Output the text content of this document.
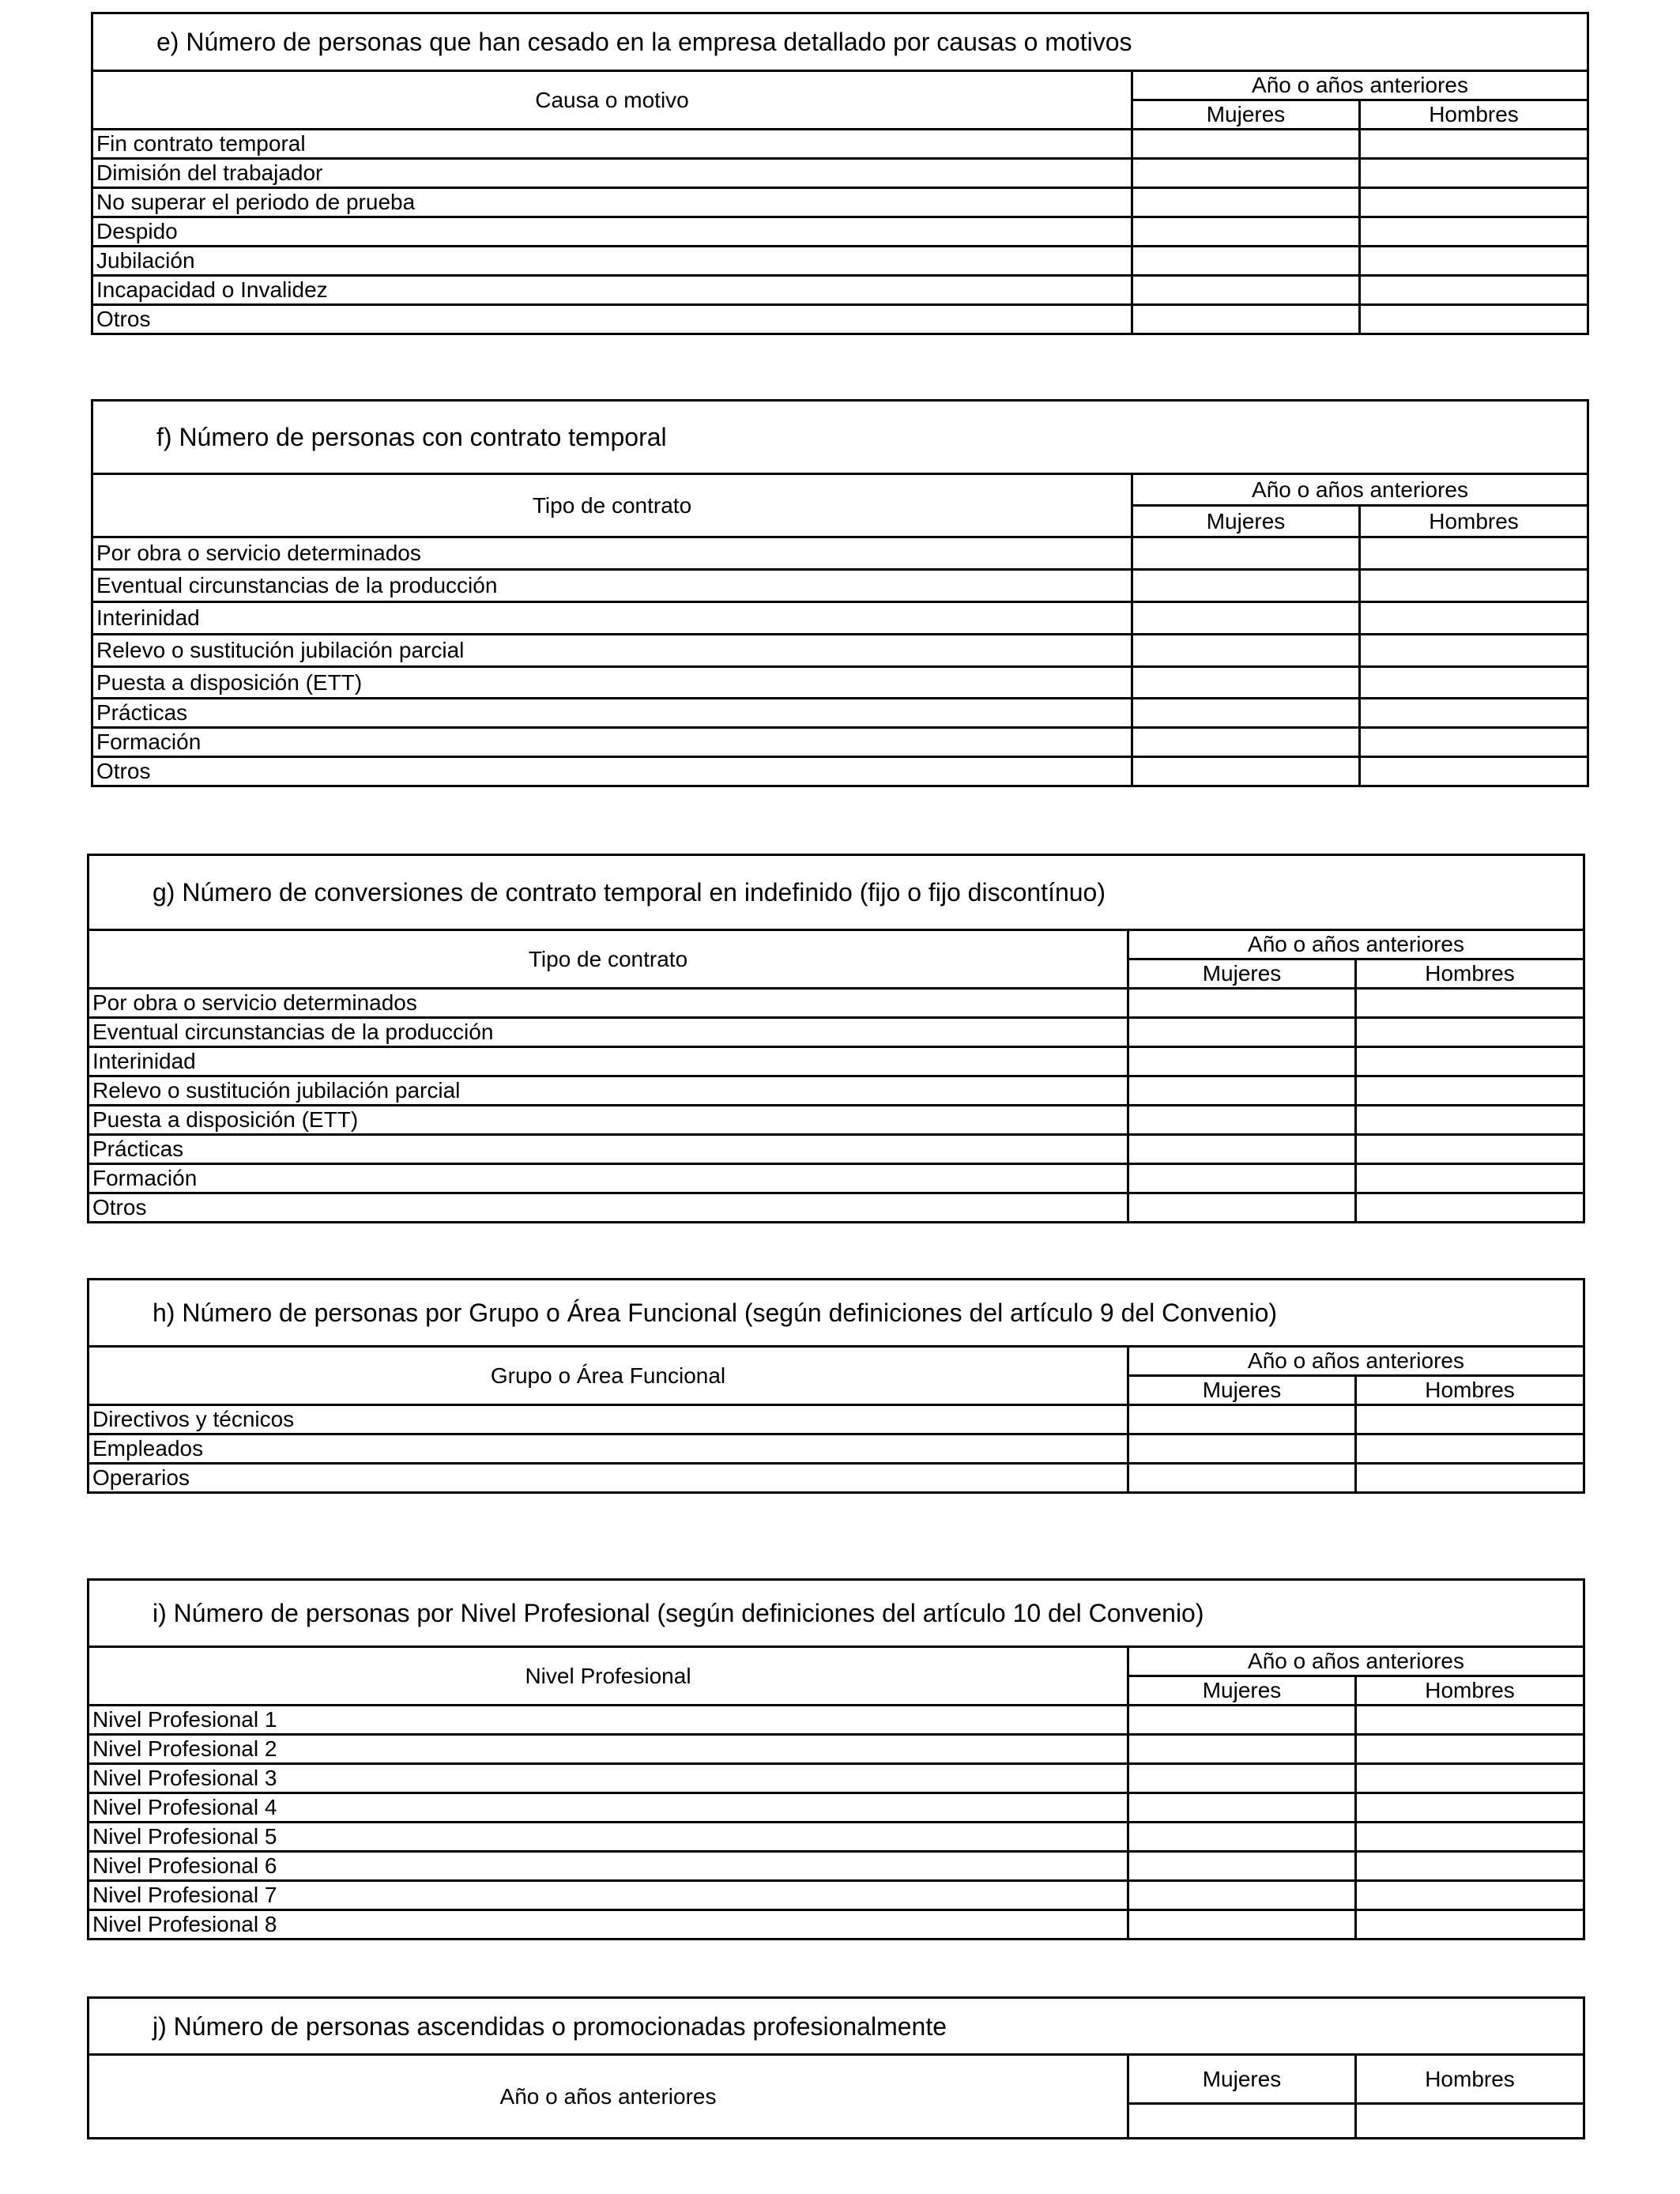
e) Número de personas que han cesado en la empresa detallado por causas o motivos		
Causa o motivo	Año o años anteriores	
	Mujeres	Hombres
Fin contrato temporal		
Dimisión del trabajador		
No superar el periodo de prueba		
Despido		
Jubilación		
Incapacidad o Invalidez		
Otros		
f) Número de personas con contrato temporal		
Tipo de contrato	Año o años anteriores	
	Mujeres	Hombres
Por obra o servicio determinados		
Eventual circunstancias de la producción		
Interinidad		
Relevo o sustitución jubilación parcial		
Puesta a disposición (ETT)		
Prácticas		
Formación		
Otros		
g) Número de conversiones de contrato temporal en indefinido (fijo o fijo discontínuo)		
Tipo de contrato	Año o años anteriores	
	Mujeres	Hombres
Por obra o servicio determinados		
Eventual circunstancias de la producción		
Interinidad		
Relevo o sustitución jubilación parcial		
Puesta a disposición (ETT)		
Prácticas		
Formación		
Otros		
h) Número de personas por Grupo o Área Funcional (según definiciones del artículo 9 del Convenio)		
Grupo o Área Funcional	Año o años anteriores	
	Mujeres	Hombres
Directivos y técnicos		
Empleados		
Operarios		
i) Número de personas por Nivel Profesional (según definiciones del artículo 10 del Convenio)		
Nivel Profesional	Año o años anteriores	
	Mujeres	Hombres
Nivel Profesional 1		
Nivel Profesional 2		
Nivel Profesional 3		
Nivel Profesional 4		
Nivel Profesional 5		
Nivel Profesional 6		
Nivel Profesional 7		
Nivel Profesional 8		
j) Número de personas ascendidas o promocionadas profesionalmente		
Año o años anteriores	Mujeres	Hombres
